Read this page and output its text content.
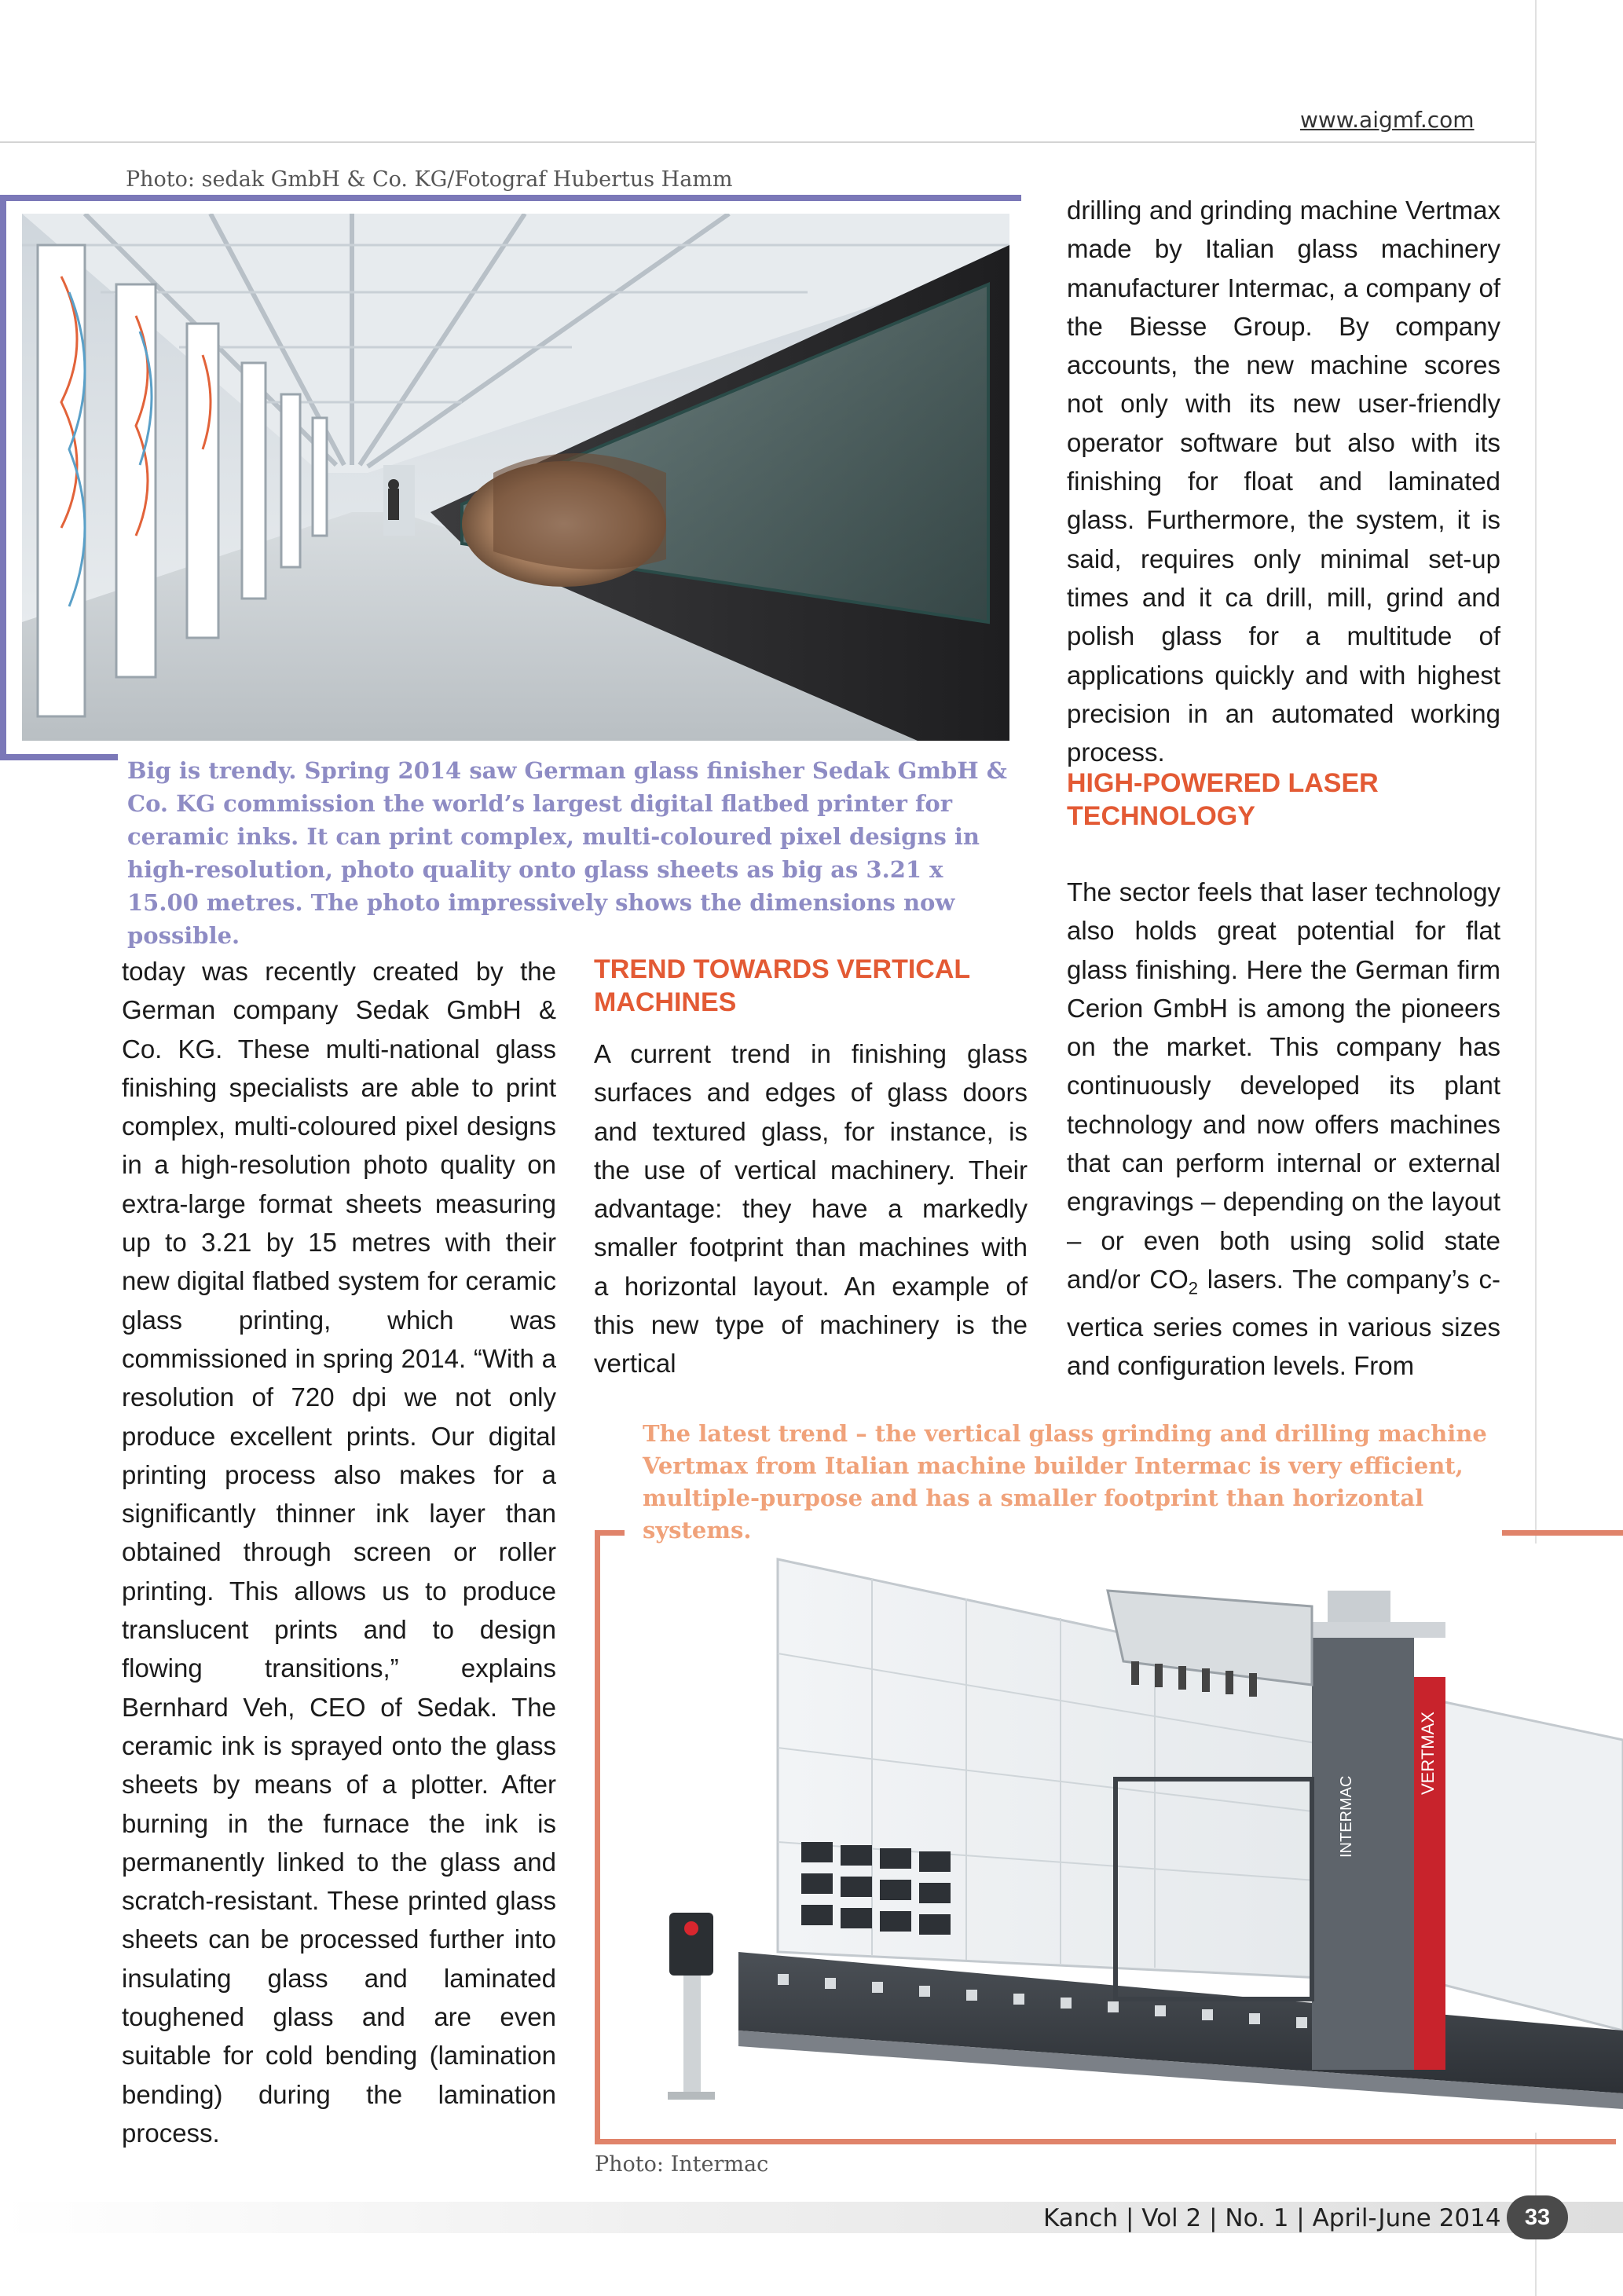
www.aigmf.com
Photo: sedak GmbH & Co. KG/Fotograf Hubertus Hamm
Big is trendy. Spring 2014 saw German glass finisher Sedak GmbH & Co. KG commission the world’s largest digital flatbed printer for ceramic inks. It can print complex, multi-coloured pixel designs in high-resolution, photo quality onto glass sheets as big as 3.21 x 15.00 metres. The photo impressively shows the dimensions now possible.

today was recently created by the German company Sedak GmbH & Co. KG. These multi-national glass finishing specialists are able to print complex, multi-coloured pixel designs in a high-resolution photo quality on extra-large format sheets measuring up to 3.21 by 15 metres with their new digital flatbed system for ceramic glass printing, which was commissioned in spring 2014. “With a resolution of 720 dpi we not only produce excellent prints. Our digital printing process also makes for a significantly thinner ink layer than obtained through screen or roller printing. This allows us to produce translucent prints and to design flowing transitions,” explains Bernhard Veh, CEO of Sedak. The ceramic ink is sprayed onto the glass sheets by means of a plotter. After burning in the furnace the ink is permanently linked to the glass and scratch-resistant. These printed glass sheets can be processed further into insulating glass and laminated toughened glass and are even suitable for cold bending (lamination bending) during the lamination process.

TREND TOWARDS VERTICAL MACHINES

A current trend in finishing glass surfaces and edges of glass doors and textured glass, for instance, is the use of vertical machinery. Their advantage: they have a markedly smaller footprint than machines with a horizontal layout. An example of this new type of machinery is the vertical

drilling and grinding machine Vertmax made by Italian glass machinery manufacturer Intermac, a company of the Biesse Group. By company accounts, the new machine scores not only with its new user-friendly operator software but also with its finishing for float and laminated glass. Furthermore, the system, it is said, requires only minimal set-up times and it ca drill, mill, grind and polish glass for a multitude of applications quickly and with highest precision in an automated working process.

HIGH-POWERED LASER TECHNOLOGY

The sector feels that laser technology also holds great potential for flat glass finishing. Here the German firm Cerion GmbH is among the pioneers on the market. This company has continuously developed its plant technology and now offers machines that can perform internal or external engravings – depending on the layout – or even both using solid state and/or $CO_2$ lasers. The company’s c-vertica series comes in various sizes and configuration levels. From

The latest trend – the vertical glass grinding and drilling machine Vertmax from Italian machine builder Intermac is very efficient, multiple-purpose and has a smaller footprint than horizontal systems.
INTERMAC
VERTMAX
Photo: Intermac
Kanch | Vol 2 | No. 1 | April-June 2014	33
